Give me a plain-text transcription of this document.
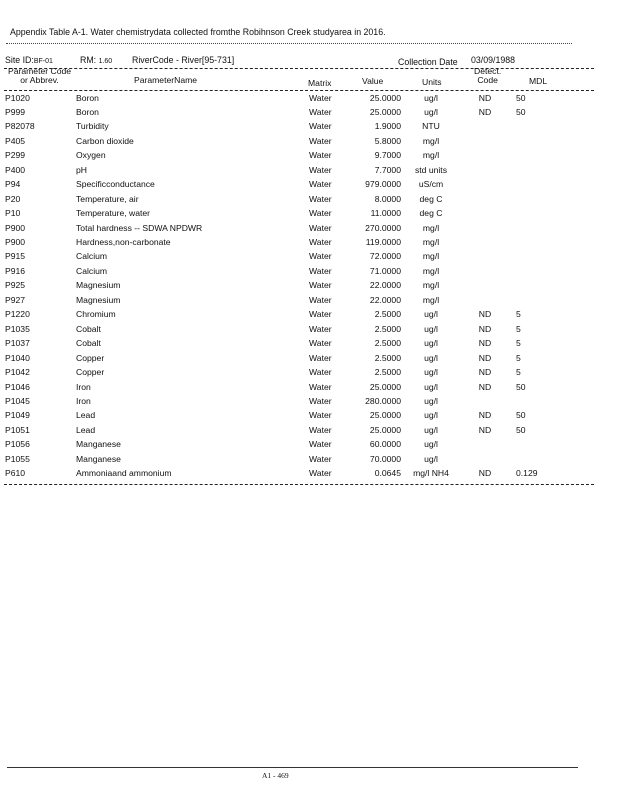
Appendix Table A-1. Water chemistrydata collected fromthe Robihnson Creek studyarea in 2016.
Site ID:BF-01	RM: 1.60 RiverCode - River[95-731]	Collection Date 03/09/1988
Parameter Code
or Abbrev.	ParameterName	Matrix	Value	Units
Detect.
Code	MDL
P1020	Boron	Water	25.0000	ug/l	ND	50
P999	Boron	Water	25.0000	ug/l	ND	50
P82078	Turbidity	Water	1.9000	NTU
P405	Carbon dioxide	Water	5.8000	mg/l
P299	Oxygen	Water	9.7000	mg/l
P400	pH	Water	7.7000	std units
P94	Specificconductance	Water	979.0000	uS/cm
P20	Temperature, air	Water	8.0000	deg C
P10	Temperature, water	Water	11.0000	deg C
P900	Total hardness -- SDWA NPDWR	Water	270.0000	mg/l
P900	Hardness,non-carbonate	Water	119.0000	mg/l
P915	Calcium	Water	72.0000	mg/l
P916	Calcium	Water	71.0000	mg/l
P925	Magnesium	Water	22.0000	mg/l
P927	Magnesium	Water	22.0000	mg/l
P1220	Chromium	Water	2.5000	ug/l	ND	5
P1035	Cobalt	Water	2.5000	ug/l	ND	5
P1037	Cobalt	Water	2.5000	ug/l	ND	5
P1040	Copper	Water	2.5000	ug/l	ND	5
P1042	Copper	Water	2.5000	ug/l	ND	5
P1046	Iron	Water	25.0000	ug/l	ND	50
P1045	Iron	Water	280.0000	ug/l
P1049	Lead	Water	25.0000	ug/l	ND	50
P1051	Lead	Water	25.0000	ug/l	ND	50
P1056	Manganese	Water	60.0000	ug/l
P1055	Manganese	Water	70.0000	ug/l
P610	Ammoniaand ammonium	Water	0.0645	mg/l NH4	ND	0.129
A1 - 469
